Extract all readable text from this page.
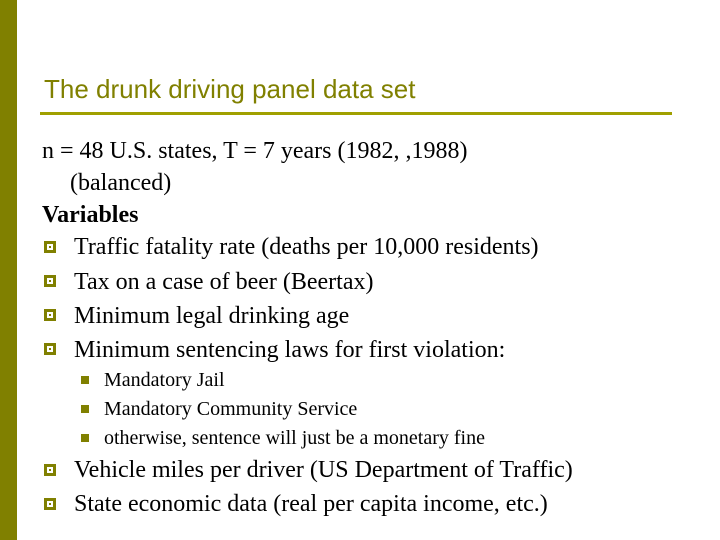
The drunk driving panel data set
n = 48 U.S. states, T = 7 years (1982, ,1988)
(balanced)
Variables
Traffic fatality rate (deaths per 10,000 residents)
Tax on a case of beer (Beertax)
Minimum legal drinking age
Minimum sentencing laws for first violation:
Mandatory Jail
Mandatory Community Service
otherwise, sentence will just be a monetary fine
Vehicle miles per driver (US Department of Traffic)
State economic data (real per capita income, etc.)
